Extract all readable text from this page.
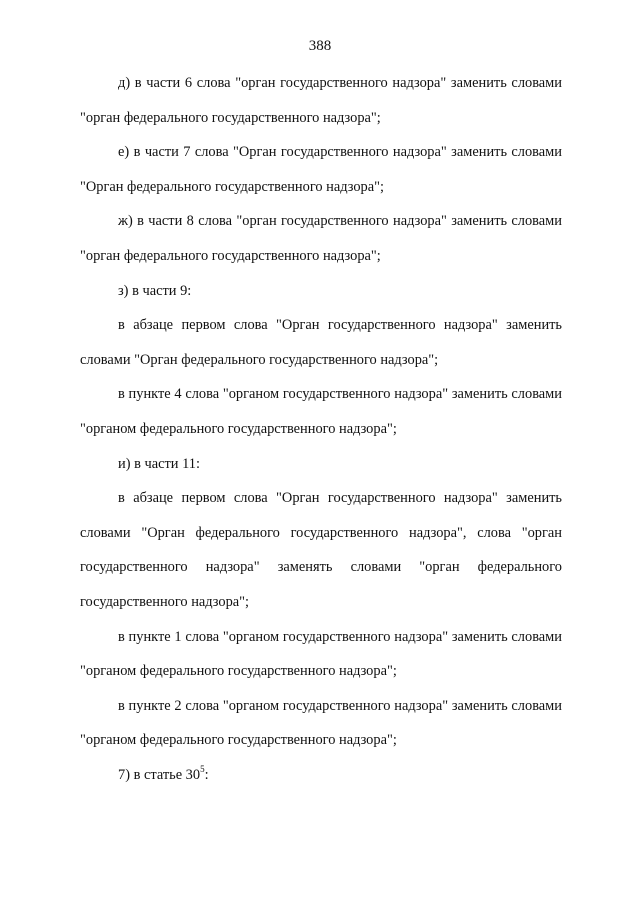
388

д) в части 6 слова "орган государственного надзора" заменить словами "орган федерального государственного надзора";

е) в части 7 слова "Орган государственного надзора" заменить словами "Орган федерального государственного надзора";

ж) в части 8 слова "орган государственного надзора" заменить словами "орган федерального государственного надзора";

з) в части 9:

в абзаце первом слова "Орган государственного надзора" заменить словами "Орган федерального государственного надзора";

в пункте 4 слова "органом государственного надзора" заменить словами "органом федерального государственного надзора";

и) в части 11:

в абзаце первом слова "Орган государственного надзора" заменить словами "Орган федерального государственного надзора", слова "орган государственного надзора" заменять словами "орган федерального государственного надзора";

в пункте 1 слова "органом государственного надзора" заменить словами "органом федерального государственного надзора";

в пункте 2 слова "органом государственного надзора" заменить словами "органом федерального государственного надзора";

7) в статье $30^5$:
